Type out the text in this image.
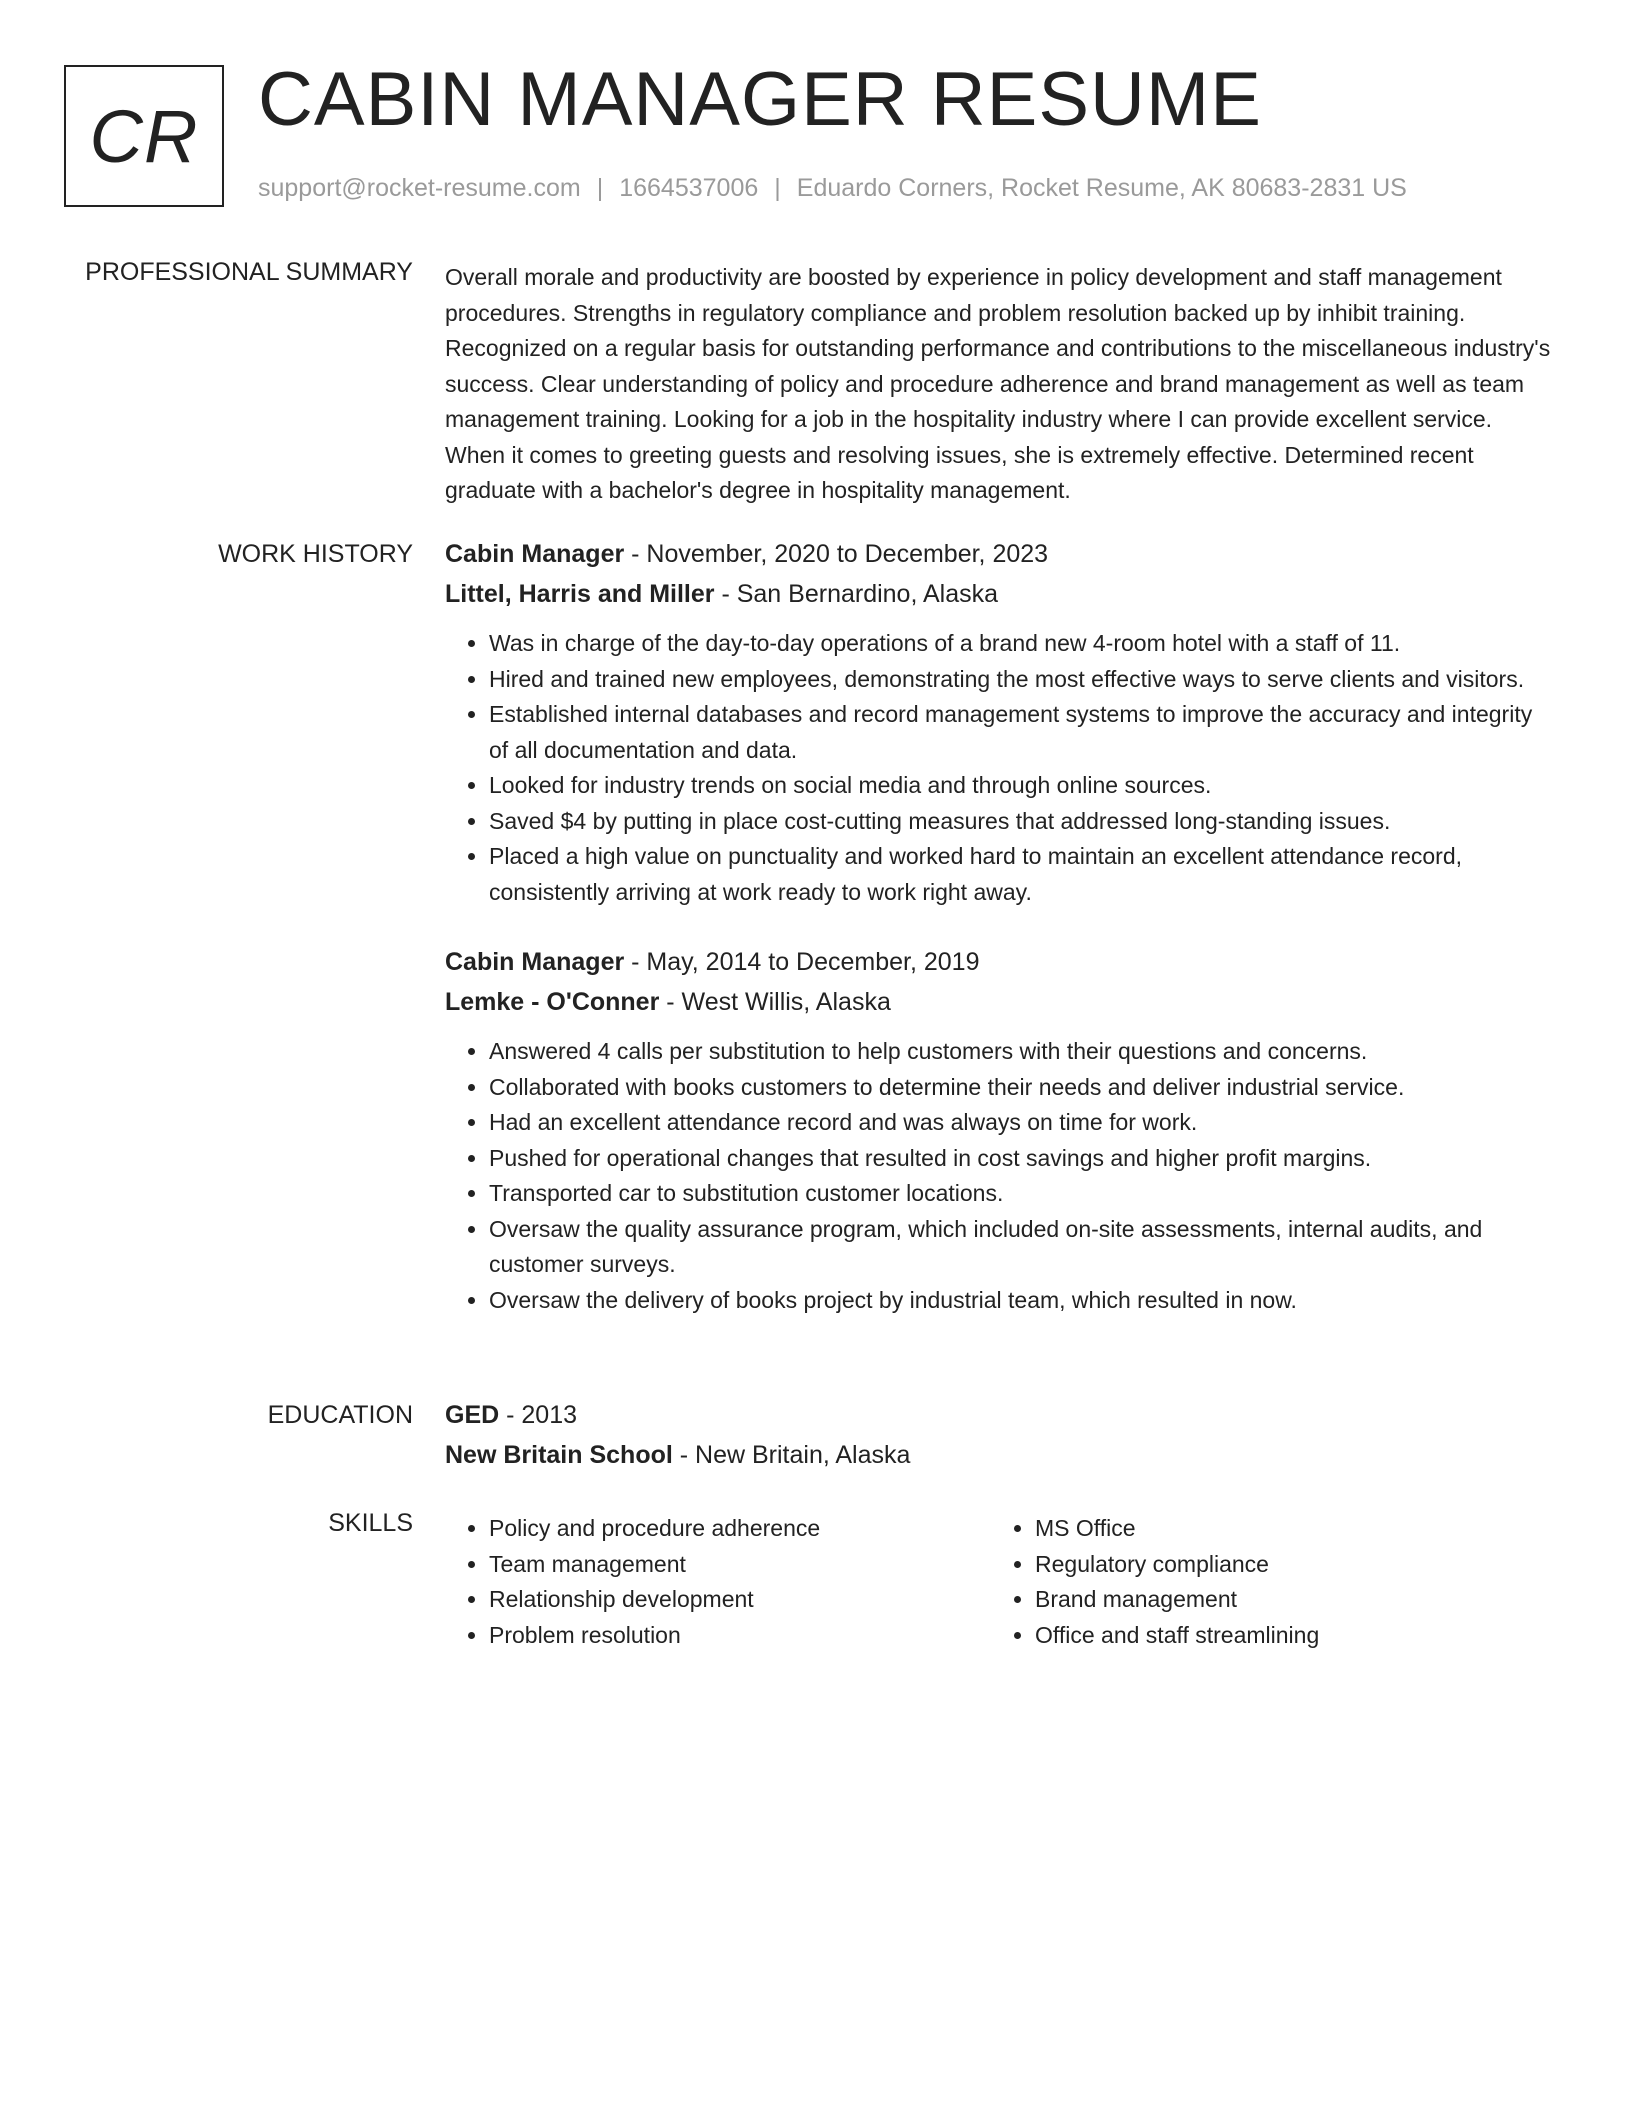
CR CABIN MANAGER RESUME
support@rocket-resume.com | 1664537006 | Eduardo Corners, Rocket Resume, AK 80683-2831 US
PROFESSIONAL SUMMARY Overall morale and productivity are boosted by experience in policy development and staff management procedures. Strengths in regulatory compliance and problem resolution backed up by inhibit training. Recognized on a regular basis for outstanding performance and contributions to the miscellaneous industry's success. Clear understanding of policy and procedure adherence and brand management as well as team management training. Looking for a job in the hospitality industry where I can provide excellent service. When it comes to greeting guests and resolving issues, she is extremely effective. Determined recent graduate with a bachelor's degree in hospitality management.
WORK HISTORY Cabin Manager - November, 2020 to December, 2023
Littel, Harris and Miller - San Bernardino, Alaska
• Was in charge of the day-to-day operations of a brand new 4-room hotel with a staff of 11.
• Hired and trained new employees, demonstrating the most effective ways to serve clients and visitors.
• Established internal databases and record management systems to improve the accuracy and integrity of all documentation and data.
• Looked for industry trends on social media and through online sources.
• Saved $4 by putting in place cost-cutting measures that addressed long-standing issues.
• Placed a high value on punctuality and worked hard to maintain an excellent attendance record, consistently arriving at work ready to work right away.
Cabin Manager - May, 2014 to December, 2019
Lemke - O'Conner - West Willis, Alaska
• Answered 4 calls per substitution to help customers with their questions and concerns.
• Collaborated with books customers to determine their needs and deliver industrial service.
• Had an excellent attendance record and was always on time for work.
• Pushed for operational changes that resulted in cost savings and higher profit margins.
• Transported car to substitution customer locations.
• Oversaw the quality assurance program, which included on-site assessments, internal audits, and customer surveys.
• Oversaw the delivery of books project by industrial team, which resulted in now.
EDUCATION GED - 2013
New Britain School - New Britain, Alaska
SKILLS
•	Policy and procedure adherence
• Team management
• Relationship development
• Problem resolution
• MS Office
• Regulatory compliance
• Brand management
• Office and staff streamlining
